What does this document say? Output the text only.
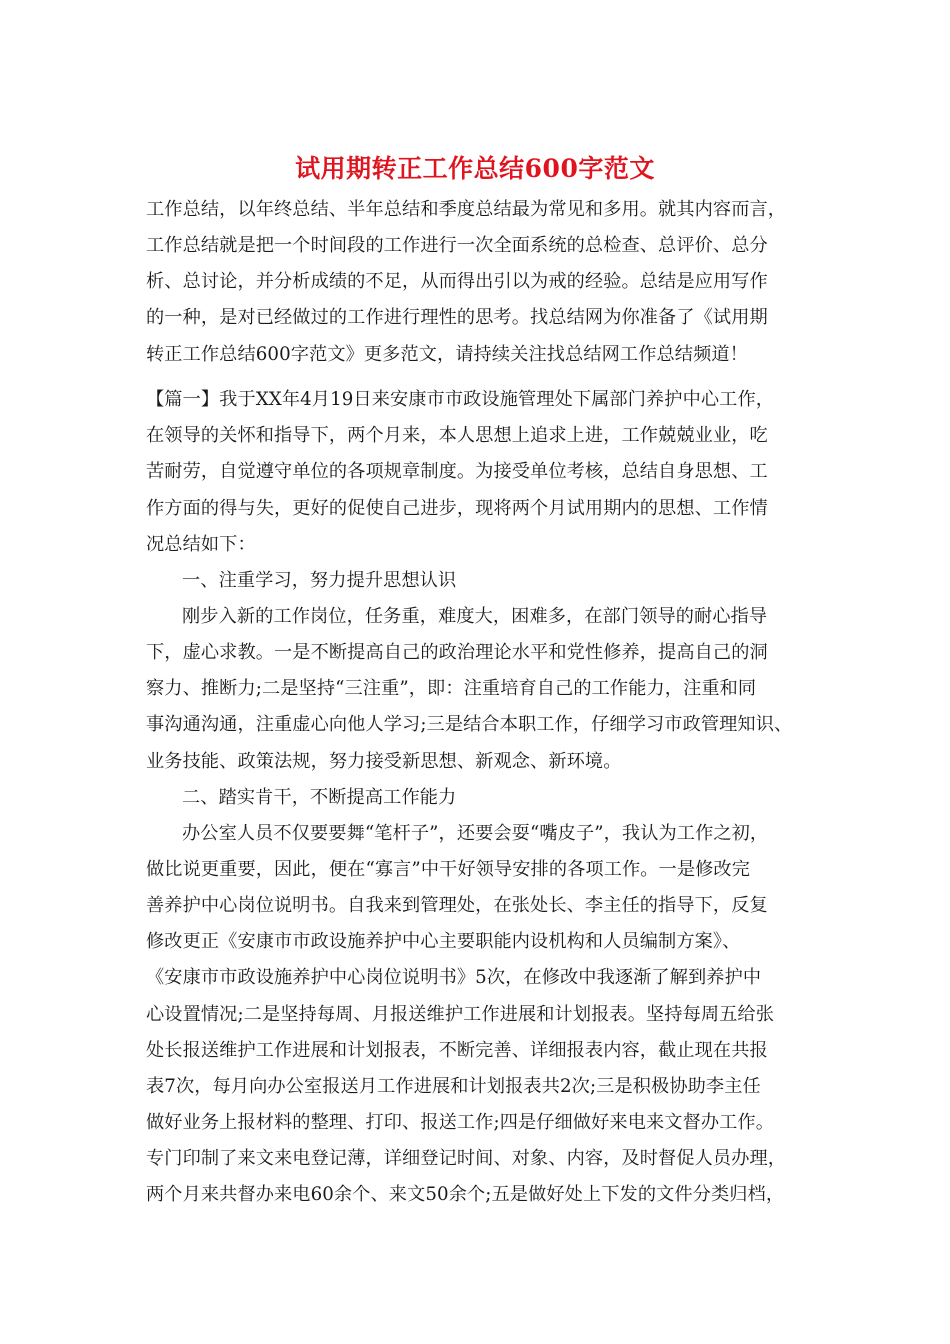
试用期转正工作总结600字范文
工作总结，以年终总结、半年总结和季度总结最为常见和多用。就其内容而言，
工作总结就是把一个时间段的工作进行一次全面系统的总检查、总评价、总分
析、总讨论，并分析成绩的不足，从而得出引以为戒的经验。总结是应用写作
的一种，是对已经做过的工作进行理性的思考。找总结网为你准备了《试用期
转正工作总结600字范文》更多范文，请持续关注找总结网工作总结频道！
【篇一】我于XX年4月19日来安康市市政设施管理处下属部门养护中心工作，
在领导的关怀和指导下，两个月来，本人思想上追求上进，工作兢兢业业，吃
苦耐劳，自觉遵守单位的各项规章制度。为接受单位考核，总结自身思想、工
作方面的得与失，更好的促使自己进步，现将两个月试用期内的思想、工作情
况总结如下：
一、注重学习，努力提升思想认识
刚步入新的工作岗位，任务重，难度大，困难多，在部门领导的耐心指导
下，虚心求教。一是不断提高自己的政治理论水平和党性修养，提高自己的洞
察力、推断力;二是坚持“三注重”，即：注重培育自己的工作能力，注重和同
事沟通沟通，注重虚心向他人学习;三是结合本职工作，仔细学习市政管理知识、
业务技能、政策法规，努力接受新思想、新观念、新环境。
二、踏实肯干，不断提高工作能力
办公室人员不仅要要舞“笔杆子”，还要会耍“嘴皮子”，我认为工作之初，
做比说更重要，因此，便在“寡言”中干好领导安排的各项工作。一是修改完
善养护中心岗位说明书。自我来到管理处，在张处长、李主任的指导下，反复
修改更正《安康市市政设施养护中心主要职能内设机构和人员编制方案》、
《安康市市政设施养护中心岗位说明书》5次，在修改中我逐渐了解到养护中
心设置情况;二是坚持每周、月报送维护工作进展和计划报表。坚持每周五给张
处长报送维护工作进展和计划报表，不断完善、详细报表内容，截止现在共报
表7次，每月向办公室报送月工作进展和计划报表共2次;三是积极协助李主任
做好业务上报材料的整理、打印、报送工作;四是仔细做好来电来文督办工作。
专门印制了来文来电登记薄，详细登记时间、对象、内容，及时督促人员办理，
两个月来共督办来电60余个、来文50余个;五是做好处上下发的文件分类归档，
